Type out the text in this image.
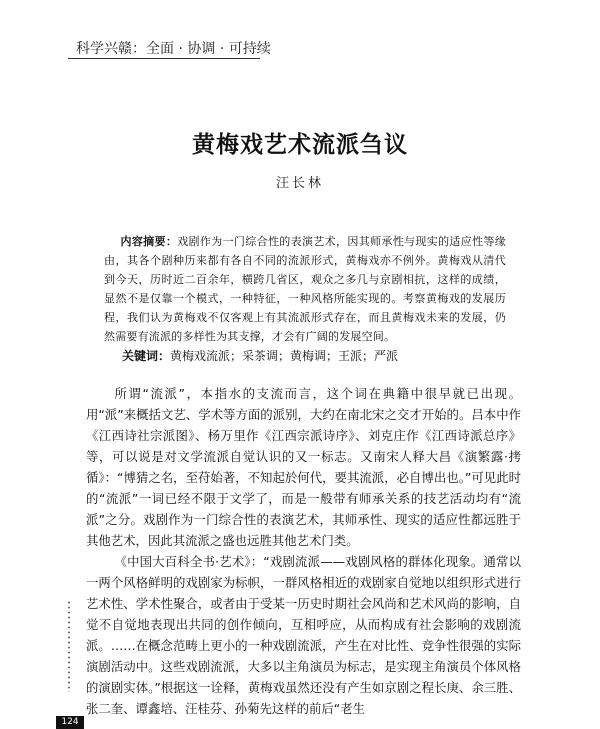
科学兴赣：全面 · 协调 · 可持续
黄梅戏艺术流派刍议
汪长林
内容摘要：戏剧作为一门综合性的表演艺术，因其师承性与现实的适应性等缘由，其各个剧种历来都有各自不同的流派形式，黄梅戏亦不例外。黄梅戏从清代到今天，历时近二百余年，横跨几省区，观众之多几与京剧相抗，这样的成绩，显然不是仅靠一个模式，一种特征，一种风格所能实现的。考察黄梅戏的发展历程，我们认为黄梅戏不仅客观上有其流派形式存在，而且黄梅戏未来的发展，仍然需要有流派的多样性为其支撑，才会有广阔的发展空间。
关键词：黄梅戏流派；采茶调；黄梅调；王派；严派

所谓“流派”，本指水的支流而言，这个词在典籍中很早就已出现。用“派”来概括文艺、学术等方面的派别，大约在南北宋之交才开始的。吕本中作《江西诗社宗派图》、杨万里作《江西宗派诗序》、刘克庄作《江西诗派总序》等，可以说是对文学流派自觉认识的又一标志。又南宋人释大昌《演繁露·拷循》：“博猜之名，至苻始著，不知起於何代，要其流派，必自博出也。”可见此时的“流派”一词已经不限于文学了，而是一般带有师承关系的技艺活动均有“流派”之分。戏剧作为一门综合性的表演艺术，其师承性、现实的适应性都远胜于其他艺术，因此其流派之盛也远胜其他艺术门类。

《中国大百科全书·艺术》：“戏剧流派——戏剧风格的群体化现象。通常以一两个风格鲜明的戏剧家为标帜，一群风格相近的戏剧家自觉地以组织形式进行艺术性、学术性聚合，或者由于受某一历史时期社会风尚和艺术风尚的影响，自觉不自觉地表现出共同的创作倾向，互相呼应，从而构成有社会影响的戏剧流派。……在概念范畴上更小的一种戏剧流派，产生在对比性、竞争性很强的实际演剧活动中。这些戏剧流派，大多以主角演员为标志，是实现主角演员个体风格的演剧实体。”根据这一诠释，黄梅戏虽然还没有产生如京剧之程长庚、余三胜、张二奎、谭鑫培、汪桂芬、孙菊先这样的前后“老生

124
